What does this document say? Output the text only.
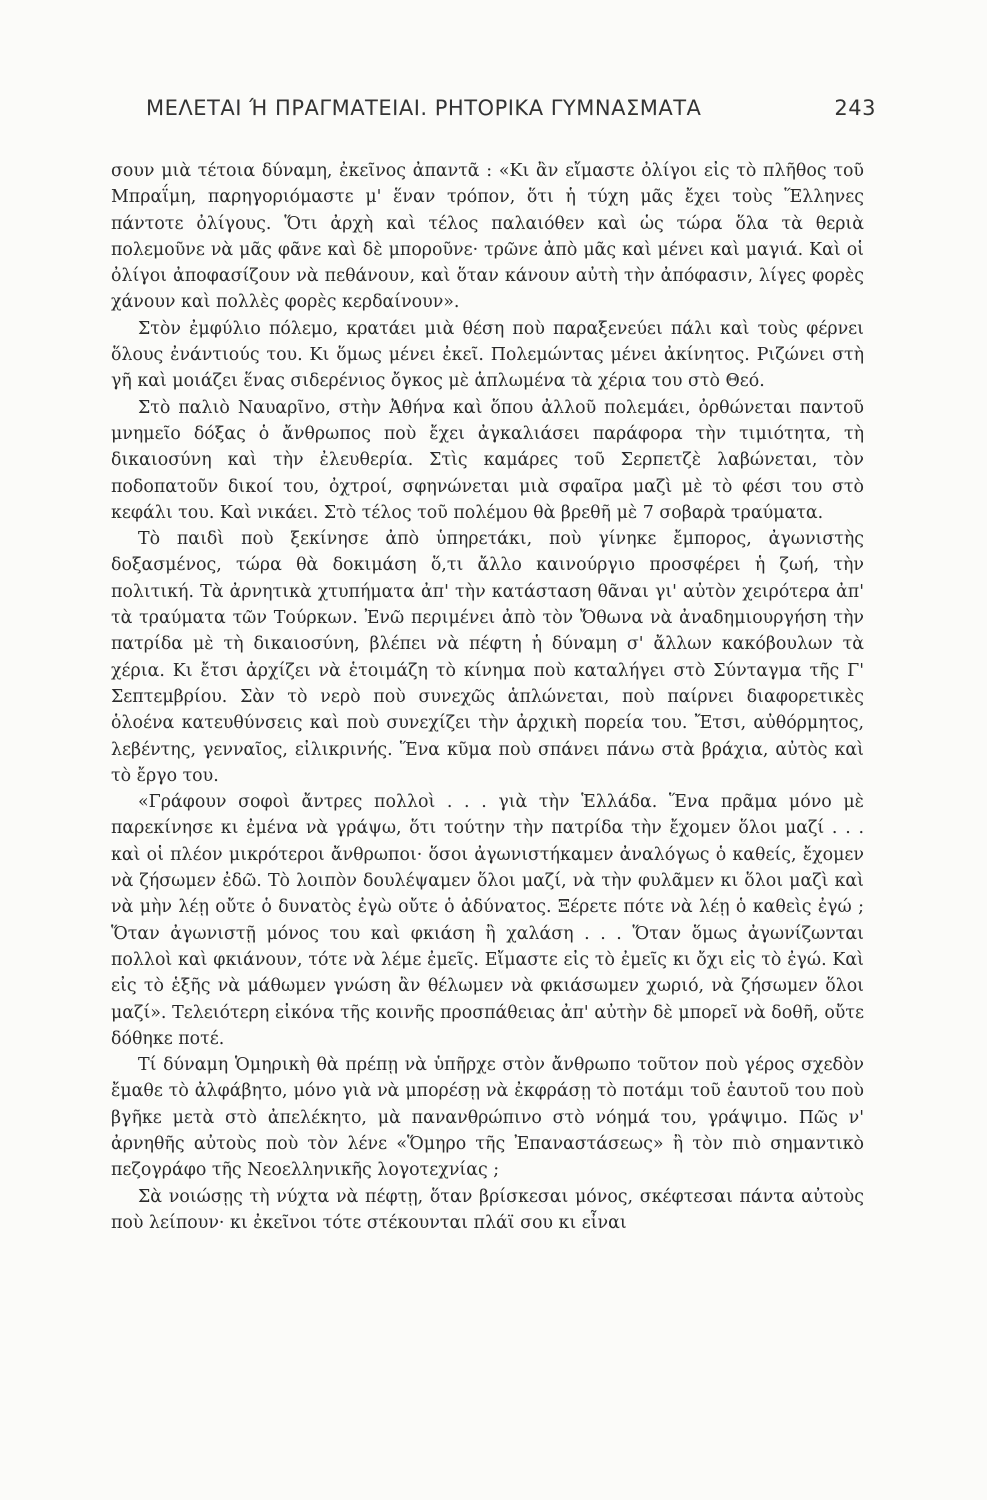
ΜΕΛΕΤΑΙ Ή ΠΡΑΓΜΑΤΕΙΑΙ. ΡΗΤΟΡΙΚΑ ΓΥΜΝΑΣΜΑΤΑ	243

σουν μιὰ τέτοια δύναμη, ἐκεῖνος ἀπαντᾶ : «Κι ἂν εἴμαστε ὀλίγοι εἰς τὸ πλῆθος τοῦ Μπραΐμη, παρηγοριόμαστε μ' ἕναν τρόπον, ὅτι ἡ τύχη μᾶς ἔχει τοὺς Ἕλληνες πάντοτε ὀλίγους. Ὅτι ἀρχὴ καὶ τέλος παλαιόθεν καὶ ὡς τώρα ὅλα τὰ θεριὰ πολεμοῦνε νὰ μᾶς φᾶνε καὶ δὲ μποροῦνε· τρῶνε ἀπὸ μᾶς καὶ μένει καὶ μαγιά. Καὶ οἱ ὀλίγοι ἀποφασίζουν νὰ πεθάνουν, καὶ ὅταν κάνουν αὐτὴ τὴν ἀπόφασιν, λίγες φορὲς χάνουν καὶ πολλὲς φορὲς κερδαίνουν».

Στὸν ἐμφύλιο πόλεμο, κρατάει μιὰ θέση ποὺ παραξενεύει πάλι καὶ τοὺς φέρνει ὅλους ἐνάντιούς του. Κι ὅμως μένει ἐκεῖ. Πολεμώντας μένει ἀκίνητος. Ριζώνει στὴ γῆ καὶ μοιάζει ἕνας σιδερένιος ὄγκος μὲ ἁπλωμένα τὰ χέρια του στὸ Θεό.

Στὸ παλιὸ Ναυαρῖνο, στὴν Ἀθήνα καὶ ὅπου ἀλλοῦ πολεμάει, ὀρθώνεται παντοῦ μνημεῖο δόξας ὁ ἄνθρωπος ποὺ ἔχει ἀγκαλιάσει παράφορα τὴν τιμιότητα, τὴ δικαιοσύνη καὶ τὴν ἐλευθερία. Στὶς καμάρες τοῦ Σερπετζὲ λαβώνεται, τὸν ποδοπατοῦν δικοί του, ὀχτροί, σφηνώνεται μιὰ σφαῖρα μαζὶ μὲ τὸ φέσι του στὸ κεφάλι του. Καὶ νικάει. Στὸ τέλος τοῦ πολέμου θὰ βρεθῆ μὲ 7 σοβαρὰ τραύματα.

Τὸ παιδὶ ποὺ ξεκίνησε ἀπὸ ὑπηρετάκι, ποὺ γίνηκε ἔμπορος, ἀγωνιστὴς δοξασμένος, τώρα θὰ δοκιμάση ὅ,τι ἄλλο καινούργιο προσφέρει ἡ ζωή, τὴν πολιτική. Τὰ ἀρνητικὰ χτυπήματα ἀπ' τὴν κατάσταση θᾶναι γι' αὐτὸν χειρότερα ἀπ' τὰ τραύματα τῶν Τούρκων. Ἐνῶ περιμένει ἀπὸ τὸν Ὄθωνα νὰ ἀναδημιουργήση τὴν πατρίδα μὲ τὴ δικαιοσύνη, βλέπει νὰ πέφτη ἡ δύναμη σ' ἄλλων κακόβουλων τὰ χέρια. Κι ἔτσι ἀρχίζει νὰ ἑτοιμάζη τὸ κίνημα ποὺ καταλήγει στὸ Σύνταγμα τῆς Γ' Σεπτεμβρίου. Σὰν τὸ νερὸ ποὺ συνεχῶς ἁπλώνεται, ποὺ παίρνει διαφορετικὲς ὁλοένα κατευθύνσεις καὶ ποὺ συνεχίζει τὴν ἀρχικὴ πορεία του. Ἔτσι, αὐθόρμητος, λεβέντης, γενναῖος, εἰλικρινής. Ἕνα κῦμα ποὺ σπάνει πάνω στὰ βράχια, αὐτὸς καὶ τὸ ἔργο του.

«Γράφουν σοφοὶ ἄντρες πολλοὶ . . . γιὰ τὴν Ἑλλάδα. Ἕνα πρᾶμα μόνο μὲ παρεκίνησε κι ἐμένα νὰ γράψω, ὅτι τούτην τὴν πατρίδα τὴν ἔχομεν ὅλοι μαζί . . . καὶ οἱ πλέον μικρότεροι ἄνθρωποι· ὅσοι ἀγωνιστήκαμεν ἀναλόγως ὁ καθείς, ἔχομεν νὰ ζήσωμεν ἐδῶ. Τὸ λοιπὸν δουλέψαμεν ὅλοι μαζί, νὰ τὴν φυλᾶμεν κι ὅλοι μαζὶ καὶ νὰ μὴν λέῃ οὔτε ὁ δυνατὸς ἐγὼ οὔτε ὁ ἀδύνατος. Ξέρετε πότε νὰ λέῃ ὁ καθεὶς ἐγώ ; Ὅταν ἀγωνιστῇ μόνος του καὶ φκιάση ἢ χαλάση . . . Ὅταν ὅμως ἀγωνίζωνται πολλοὶ καὶ φκιάνουν, τότε νὰ λέμε ἐμεῖς. Εἴμαστε εἰς τὸ ἐμεῖς κι ὄχι εἰς τὸ ἐγώ. Καὶ εἰς τὸ ἑξῆς νὰ μάθωμεν γνώση ἂν θέλωμεν νὰ φκιάσωμεν χωριό, νὰ ζήσωμεν ὅλοι μαζί». Τελειότερη εἰκόνα τῆς κοινῆς προσπάθειας ἀπ' αὐτὴν δὲ μπορεῖ νὰ δοθῆ, οὔτε δόθηκε ποτέ.

Τί δύναμη Ὁμηρικὴ θὰ πρέπῃ νὰ ὑπῆρχε στὸν ἄνθρωπο τοῦτον ποὺ γέρος σχεδὸν ἔμαθε τὸ ἀλφάβητο, μόνο γιὰ νὰ μπορέσῃ νὰ ἐκφράσῃ τὸ ποτάμι τοῦ ἑαυτοῦ του ποὺ βγῆκε μετὰ στὸ ἀπελέκητο, μὰ πανανθρώπινο στὸ νόημά του, γράψιμο. Πῶς ν' ἀρνηθῆς αὐτοὺς ποὺ τὸν λένε «Ὅμηρο τῆς Ἐπαναστάσεως» ἢ τὸν πιὸ σημαντικὸ πεζογράφο τῆς Νεοελληνικῆς λογοτεχνίας ;

Σὰ νοιώσῃς τὴ νύχτα νὰ πέφτῃ, ὅταν βρίσκεσαι μόνος, σκέφτεσαι πάντα αὐτοὺς ποὺ λείπουν· κι ἐκεῖνοι τότε στέκουνται πλάϊ σου κι εἶναι
